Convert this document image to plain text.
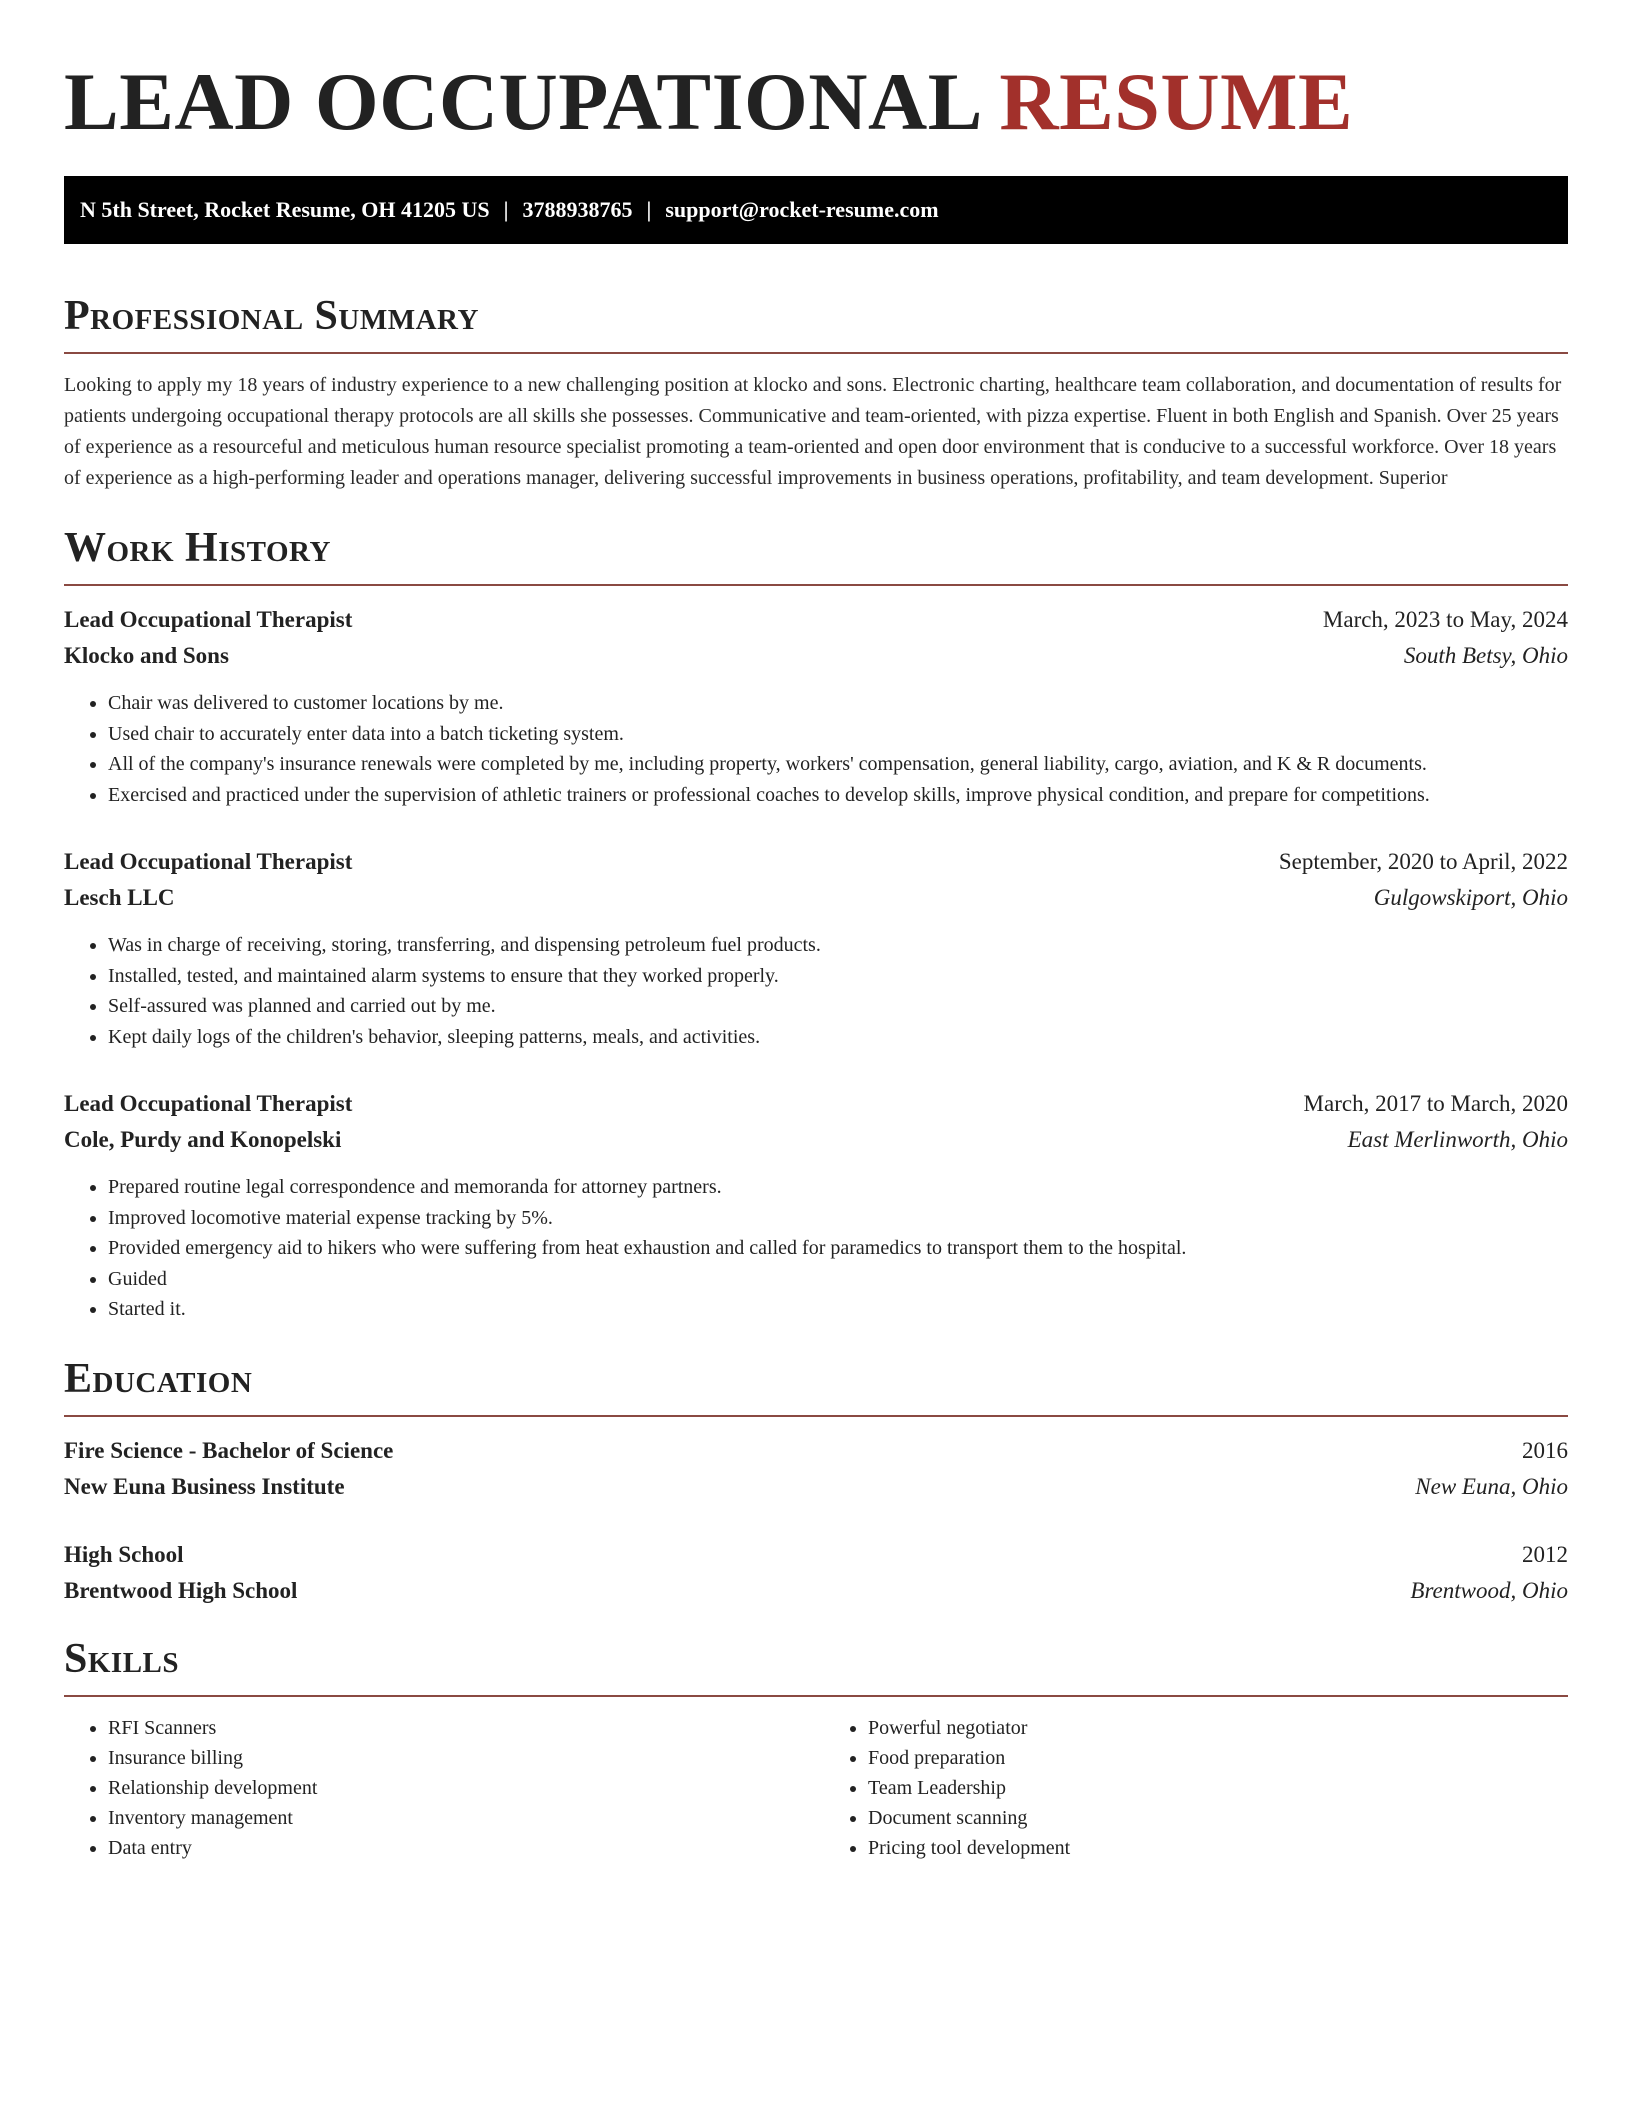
LEAD OCCUPATIONAL RESUME
N 5th Street, Rocket Resume, OH 41205 US | 3788938765 | support@rocket-resume.com
Professional Summary

Looking to apply my 18 years of industry experience to a new challenging position at klocko and sons. Electronic charting, healthcare team collaboration, and documentation of results for patients undergoing occupational therapy protocols are all skills she possesses. Communicative and team-oriented, with pizza expertise. Fluent in both English and Spanish. Over 25 years of experience as a resourceful and meticulous human resource specialist promoting a team-oriented and open door environment that is conducive to a successful workforce. Over 18 years of experience as a high-performing leader and operations manager, delivering successful improvements in business operations, profitability, and team development. Superior

Work History
Lead Occupational Therapist	March, 2023 to May, 2024
Klocko and Sons	South Betsy, Ohio
• Chair was delivered to customer locations by me.
• Used chair to accurately enter data into a batch ticketing system.
• All of the company's insurance renewals were completed by me, including property, workers' compensation, general liability, cargo, aviation, and K & R documents.
• Exercised and practiced under the supervision of athletic trainers or professional coaches to develop skills, improve physical condition, and prepare for competitions.
Lead Occupational Therapist	September, 2020 to April, 2022
Lesch LLC	Gulgowskiport, Ohio
• Was in charge of receiving, storing, transferring, and dispensing petroleum fuel products.
• Installed, tested, and maintained alarm systems to ensure that they worked properly.
• Self-assured was planned and carried out by me.
• Kept daily logs of the children's behavior, sleeping patterns, meals, and activities.
Lead Occupational Therapist	March, 2017 to March, 2020
Cole, Purdy and Konopelski	East Merlinworth, Ohio
• Prepared routine legal correspondence and memoranda for attorney partners.
• Improved locomotive material expense tracking by 5%.
• Provided emergency aid to hikers who were suffering from heat exhaustion and called for paramedics to transport them to the hospital.
• Guided
• Started it.
Education
Fire Science - Bachelor of Science	2016
New Euna Business Institute	New Euna, Ohio
High School	2012
Brentwood High School	Brentwood, Ohio
Skills
• RFI Scanners
• Insurance billing
• Relationship development
• Inventory management
• Data entry
• Powerful negotiator
• Food preparation
• Team Leadership
• Document scanning
• Pricing tool development
